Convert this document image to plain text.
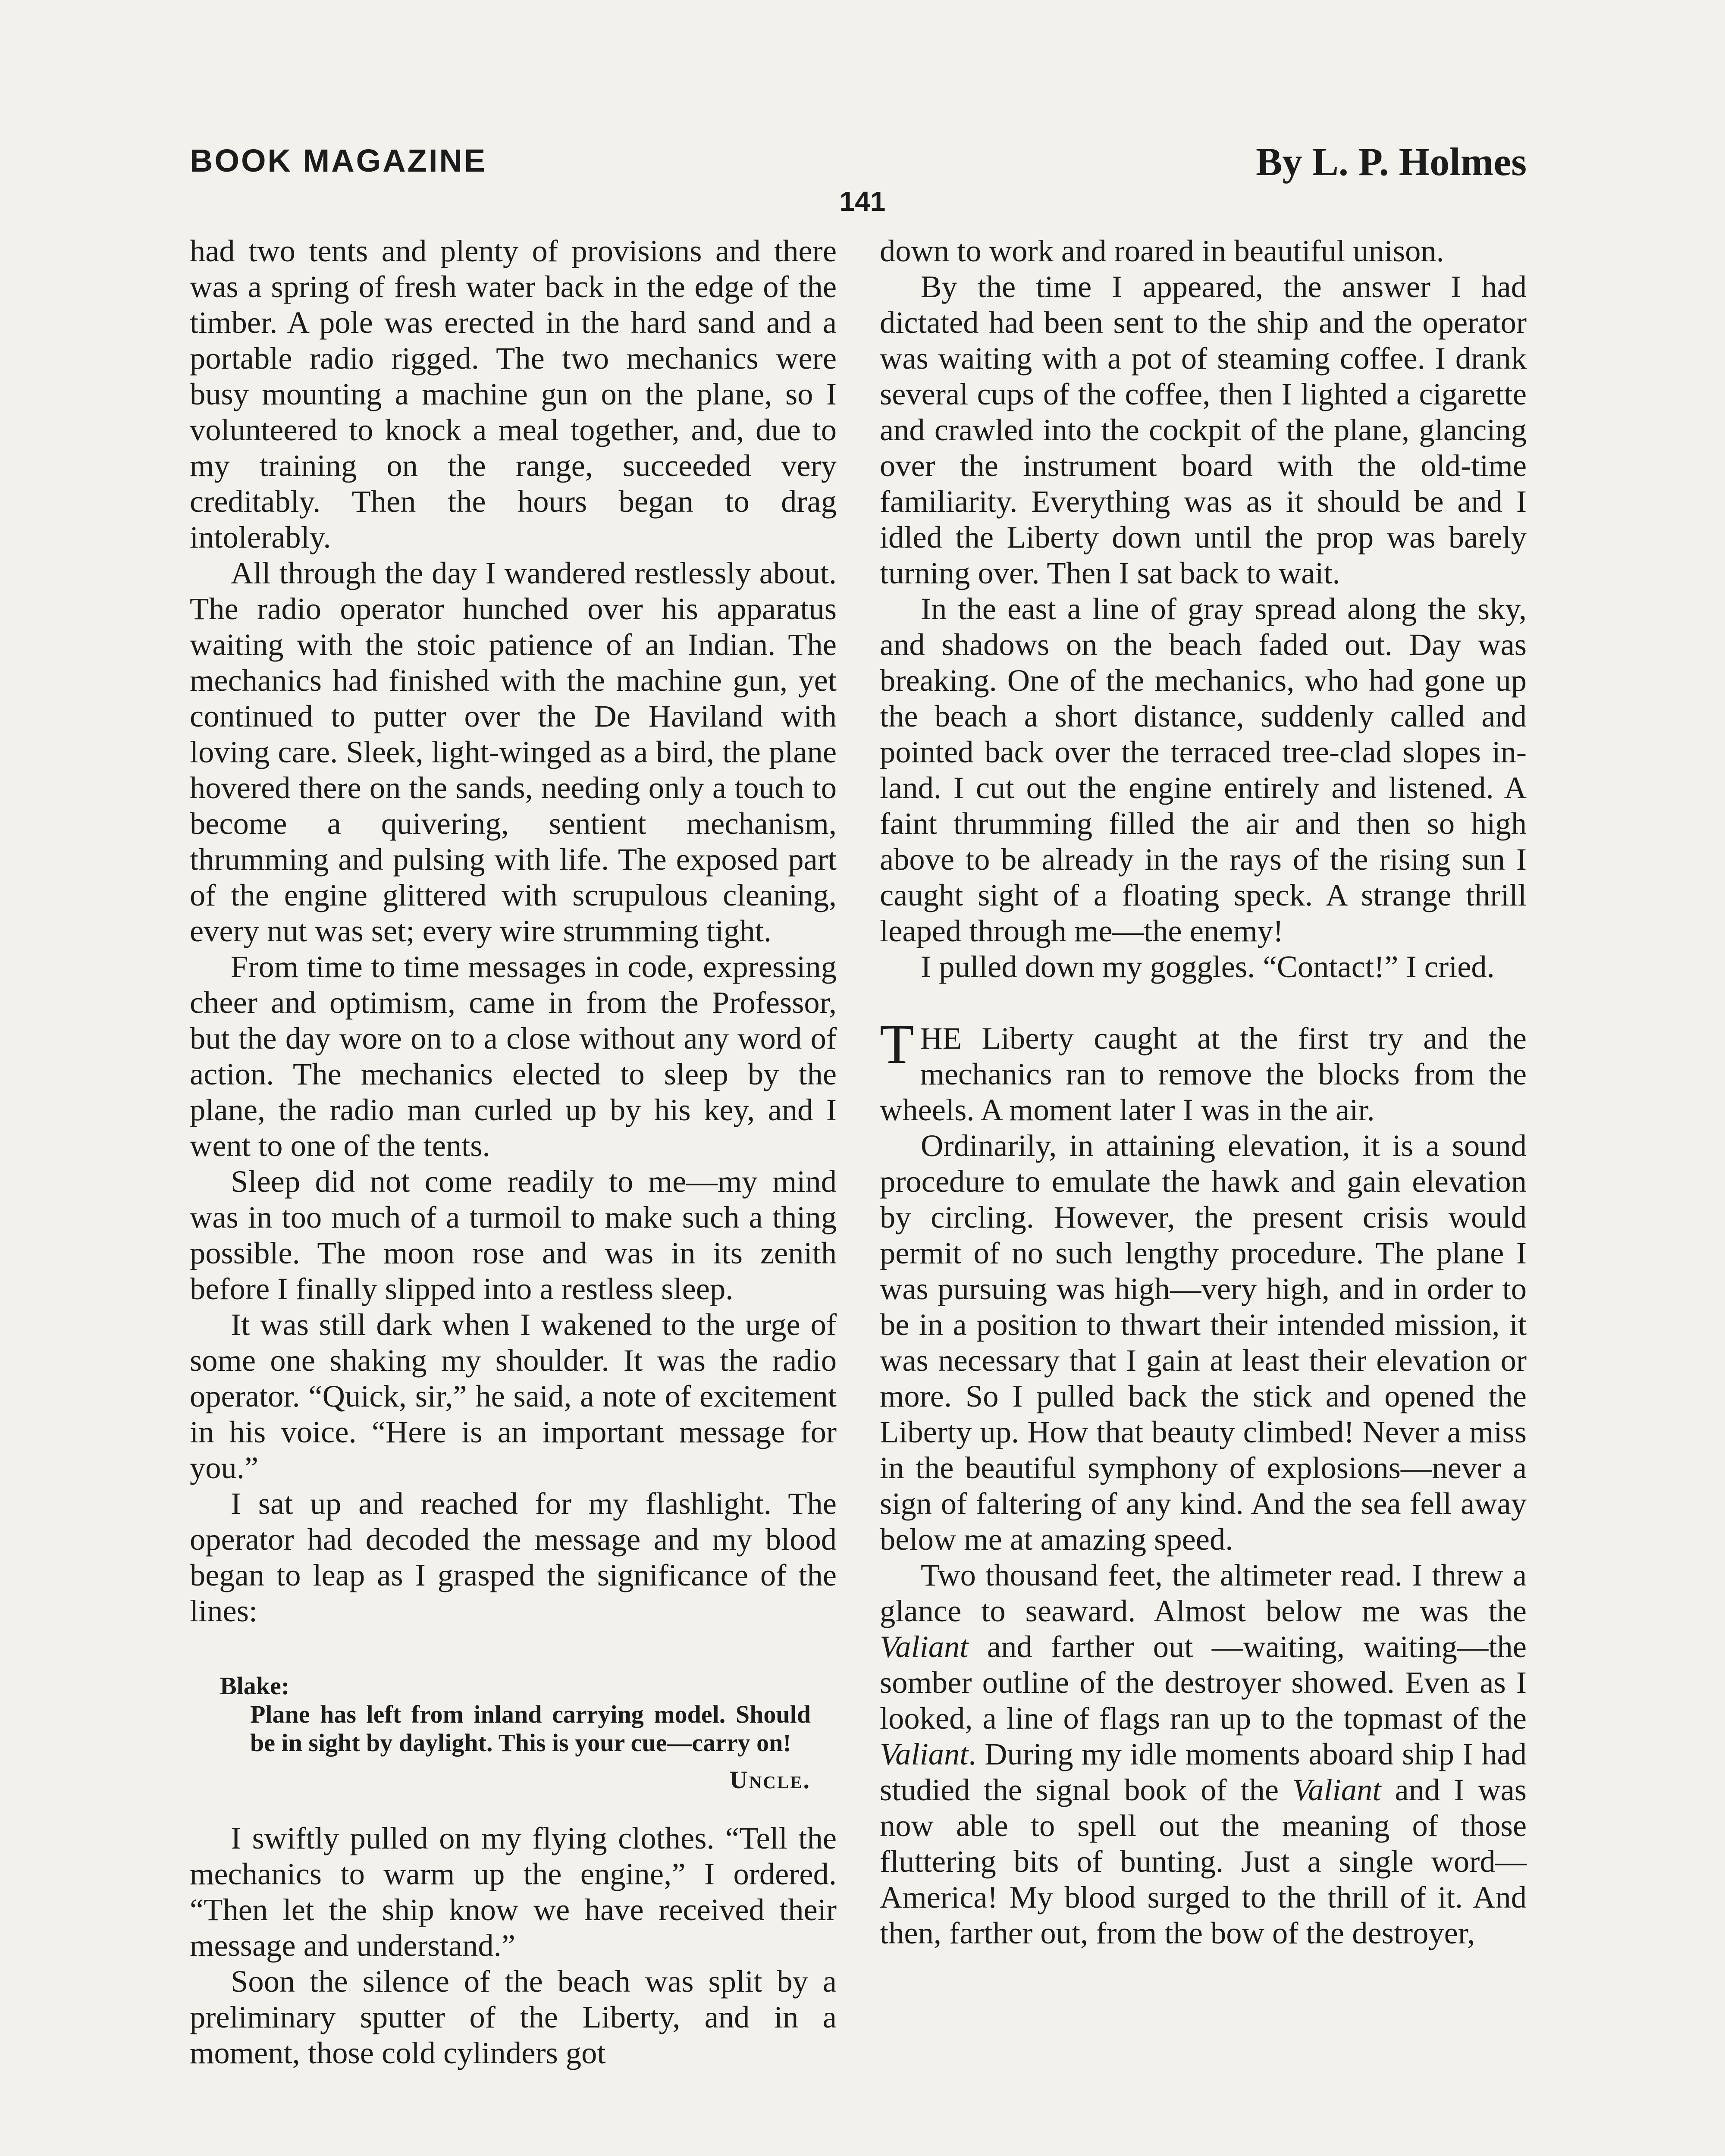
BOOK MAGAZINE	By L. P. Holmes
141

had two tents and plenty of provisions and there was a spring of fresh water back in the edge of the timber. A pole was erected in the hard sand and a portable radio rigged. The two mechanics were busy mounting a machine gun on the plane, so I volunteered to knock a meal together, and, due to my training on the range, succeeded very creditably. Then the hours began to drag intolerably.

All through the day I wandered restlessly about. The radio operator hunched over his apparatus waiting with the stoic patience of an Indian. The mechanics had finished with the machine gun, yet continued to putter over the De Haviland with loving care. Sleek, light-winged as a bird, the plane hovered there on the sands, needing only a touch to become a quivering, sentient mechanism, thrumming and pulsing with life. The exposed part of the engine glittered with scrupulous cleaning, every nut was set; every wire strumming tight.

From time to time messages in code, expressing cheer and optimism, came in from the Professor, but the day wore on to a close without any word of action. The mechanics elected to sleep by the plane, the radio man curled up by his key, and I went to one of the tents.

Sleep did not come readily to me—my mind was in too much of a turmoil to make such a thing possible. The moon rose and was in its zenith before I finally slipped into a restless sleep.

It was still dark when I wakened to the urge of some one shaking my shoulder. It was the radio operator. “Quick, sir,” he said, a note of excitement in his voice. “Here is an important message for you.”

I sat up and reached for my flashlight. The operator had decoded the message and my blood began to leap as I grasped the significance of the lines:

Blake:
Plane has left from inland carrying model. Should be in sight by daylight. This is your cue—carry on!
Uncle.

I swiftly pulled on my flying clothes. “Tell the mechanics to warm up the engine,” I ordered. “Then let the ship know we have received their message and understand.”

Soon the silence of the beach was split by a preliminary sputter of the Liberty, and in a moment, those cold cylinders got

down to work and roared in beautiful unison.

By the time I appeared, the answer I had dictated had been sent to the ship and the operator was waiting with a pot of steaming coffee. I drank several cups of the coffee, then I lighted a cigarette and crawled into the cockpit of the plane, glancing over the instrument board with the old-time familiarity. Everything was as it should be and I idled the Liberty down until the prop was barely turning over. Then I sat back to wait.

In the east a line of gray spread along the sky, and shadows on the beach faded out. Day was breaking. One of the mechanics, who had gone up the beach a short distance, suddenly called and pointed back over the terraced tree-clad slopes inland. I cut out the engine entirely and listened. A faint thrumming filled the air and then so high above to be already in the rays of the rising sun I caught sight of a floating speck. A strange thrill leaped through me—the enemy!

I pulled down my goggles. “Contact!” I cried.

THE Liberty caught at the first try and the mechanics ran to remove the blocks from the wheels. A moment later I was in the air.

Ordinarily, in attaining elevation, it is a sound procedure to emulate the hawk and gain elevation by circling. However, the present crisis would permit of no such lengthy procedure. The plane I was pursuing was high—very high, and in order to be in a position to thwart their intended mission, it was necessary that I gain at least their elevation or more. So I pulled back the stick and opened the Liberty up. How that beauty climbed! Never a miss in the beautiful symphony of explosions—never a sign of faltering of any kind. And the sea fell away below me at amazing speed.

Two thousand feet, the altimeter read. I threw a glance to seaward. Almost below me was the Valiant and farther out —waiting, waiting—the somber outline of the destroyer showed. Even as I looked, a line of flags ran up to the topmast of the Valiant. During my idle moments aboard ship I had studied the signal book of the Valiant and I was now able to spell out the meaning of those fluttering bits of bunting. Just a single word—America! My blood surged to the thrill of it. And then, farther out, from the bow of the destroyer,
